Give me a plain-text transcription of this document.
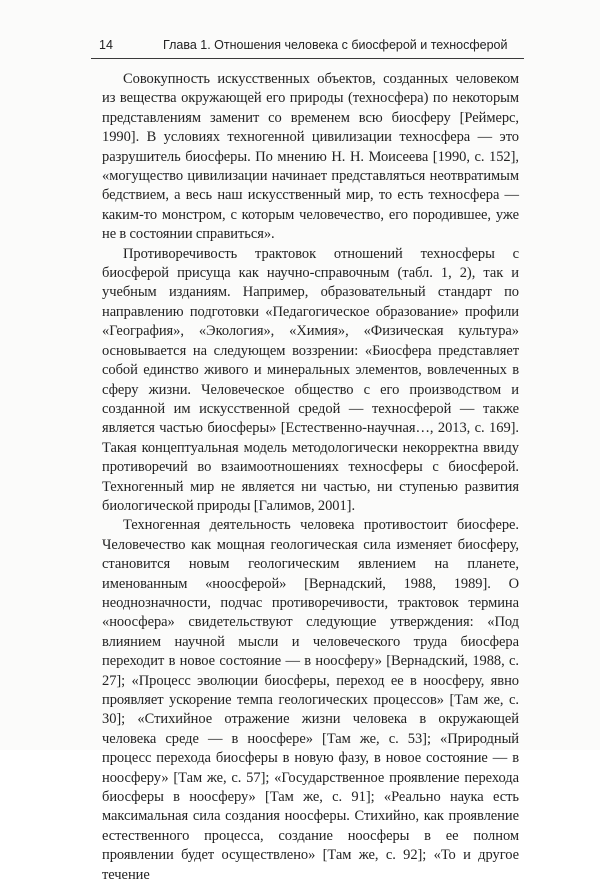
14	Глава 1. Отношения человека с биосферой и техносферой

Совокупность искусственных объектов, созданных человеком из вещества окружающей его природы (техносфера) по некоторым представлениям заменит со временем всю биосферу [Реймерс, 1990]. В условиях техногенной цивилизации техносфера — это разрушитель биосферы. По мнению Н. Н. Моисеева [1990, с. 152], «могущество цивилизации начинает представляться неотвратимым бедствием, а весь наш искусственный мир, то есть техносфера — каким-то монстром, с которым человечество, его породившее, уже не в состоянии справиться».

Противоречивость трактовок отношений техносферы с биосферой присуща как научно-справочным (табл. 1, 2), так и учебным изданиям. Например, образовательный стандарт по направлению подготовки «Педагогическое образование» профили «География», «Экология», «Химия», «Физическая культура» основывается на следующем воззрении: «Биосфера представляет собой единство живого и минеральных элементов, вовлеченных в сферу жизни. Человеческое общество с его производством и созданной им искусственной средой — техносферой — также является частью биосферы» [Естественно-научная…, 2013, с. 169]. Такая концептуальная модель методологически некорректна ввиду противоречий во взаимоотношениях техносферы с биосферой. Техногенный мир не является ни частью, ни ступенью развития биологической природы [Галимов, 2001].

Техногенная деятельность человека противостоит биосфере. Человечество как мощная геологическая сила изменяет биосферу, становится новым геологическим явлением на планете, именованным «ноосферой» [Вернадский, 1988, 1989]. О неоднозначности, подчас противоречивости, трактовок термина «ноосфера» свидетельствуют следующие утверждения: «Под влиянием научной мысли и человеческого труда биосфера переходит в новое состояние — в ноосферу» [Вернадский, 1988, с. 27]; «Процесс эволюции биосферы, переход ее в ноосферу, явно проявляет ускорение темпа геологических процессов» [Там же, с. 30]; «Стихийное отражение жизни человека в окружающей человека среде — в ноосфере» [Там же, с. 53]; «Природный процесс перехода биосферы в новую фазу, в новое состояние — в ноосферу» [Там же, с. 57]; «Государственное проявление перехода биосферы в ноосферу» [Там же, с. 91]; «Реально наука есть максимальная сила создания ноосферы. Стихийно, как проявление естественного процесса, создание ноосферы в ее полном проявлении будет осуществлено» [Там же, с. 92]; «То и другое течение
